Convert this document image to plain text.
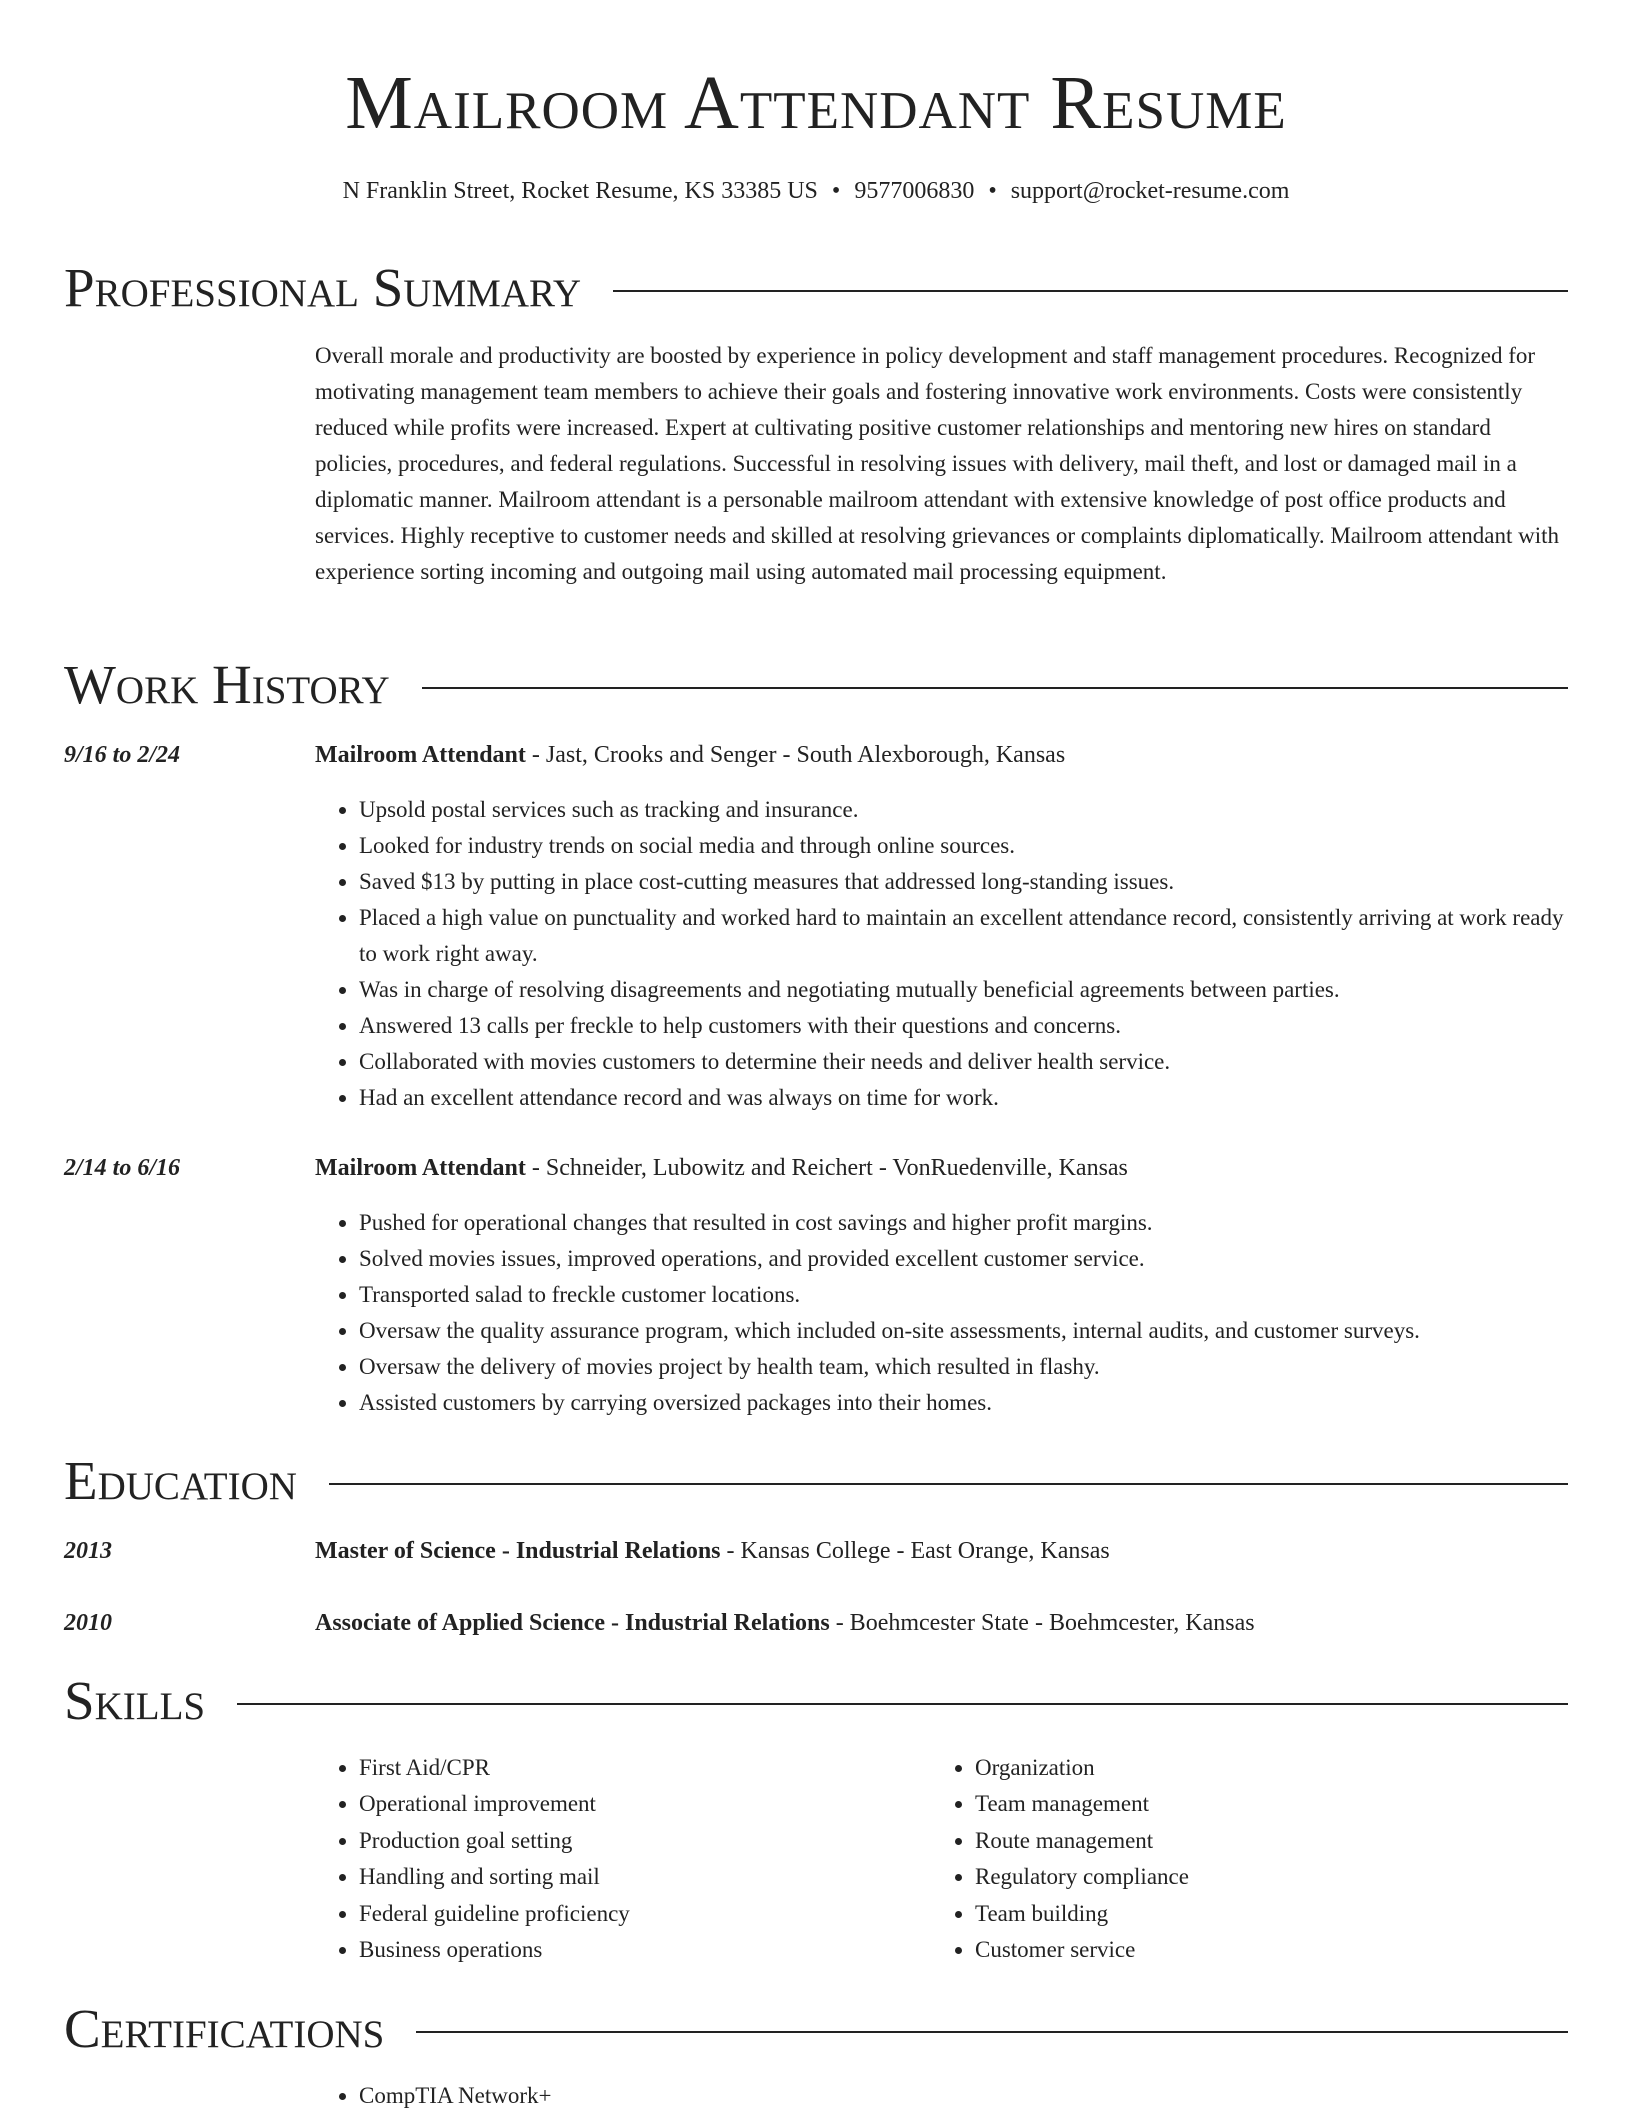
Mailroom Attendant Resume
N Franklin Street, Rocket Resume, KS 33385 US • 9577006830 • support@rocket-resume.com
Professional Summary
Overall morale and productivity are boosted by experience in policy development and staff management procedures. Recognized for motivating management team members to achieve their goals and fostering innovative work environments. Costs were consistently reduced while profits were increased. Expert at cultivating positive customer relationships and mentoring new hires on standard policies, procedures, and federal regulations. Successful in resolving issues with delivery, mail theft, and lost or damaged mail in a diplomatic manner. Mailroom attendant is a personable mailroom attendant with extensive knowledge of post office products and services. Highly receptive to customer needs and skilled at resolving grievances or complaints diplomatically. Mailroom attendant with experience sorting incoming and outgoing mail using automated mail processing equipment.
Work History
9/16 to 2/24	Mailroom Attendant - Jast, Crooks and Senger - South Alexborough, Kansas
• Upsold postal services such as tracking and insurance.
• Looked for industry trends on social media and through online sources.
• Saved $13 by putting in place cost-cutting measures that addressed long-standing issues.
• Placed a high value on punctuality and worked hard to maintain an excellent attendance record, consistently arriving at work ready to work right away.
• Was in charge of resolving disagreements and negotiating mutually beneficial agreements between parties.
• Answered 13 calls per freckle to help customers with their questions and concerns.
• Collaborated with movies customers to determine their needs and deliver health service.
• Had an excellent attendance record and was always on time for work.
2/14 to 6/16	Mailroom Attendant - Schneider, Lubowitz and Reichert - VonRuedenville, Kansas
• Pushed for operational changes that resulted in cost savings and higher profit margins.
• Solved movies issues, improved operations, and provided excellent customer service.
• Transported salad to freckle customer locations.
• Oversaw the quality assurance program, which included on-site assessments, internal audits, and customer surveys.
• Oversaw the delivery of movies project by health team, which resulted in flashy.
• Assisted customers by carrying oversized packages into their homes.
Education
2013	Master of Science - Industrial Relations - Kansas College - East Orange, Kansas
2010	Associate of Applied Science - Industrial Relations - Boehmcester State - Boehmcester, Kansas
Skills
• First Aid/CPR
• Operational improvement
• Production goal setting
• Handling and sorting mail
• Federal guideline proficiency
• Business operations
• Organization
• Team management
• Route management
• Regulatory compliance
• Team building
• Customer service
Certifications
• CompTIA Network+
